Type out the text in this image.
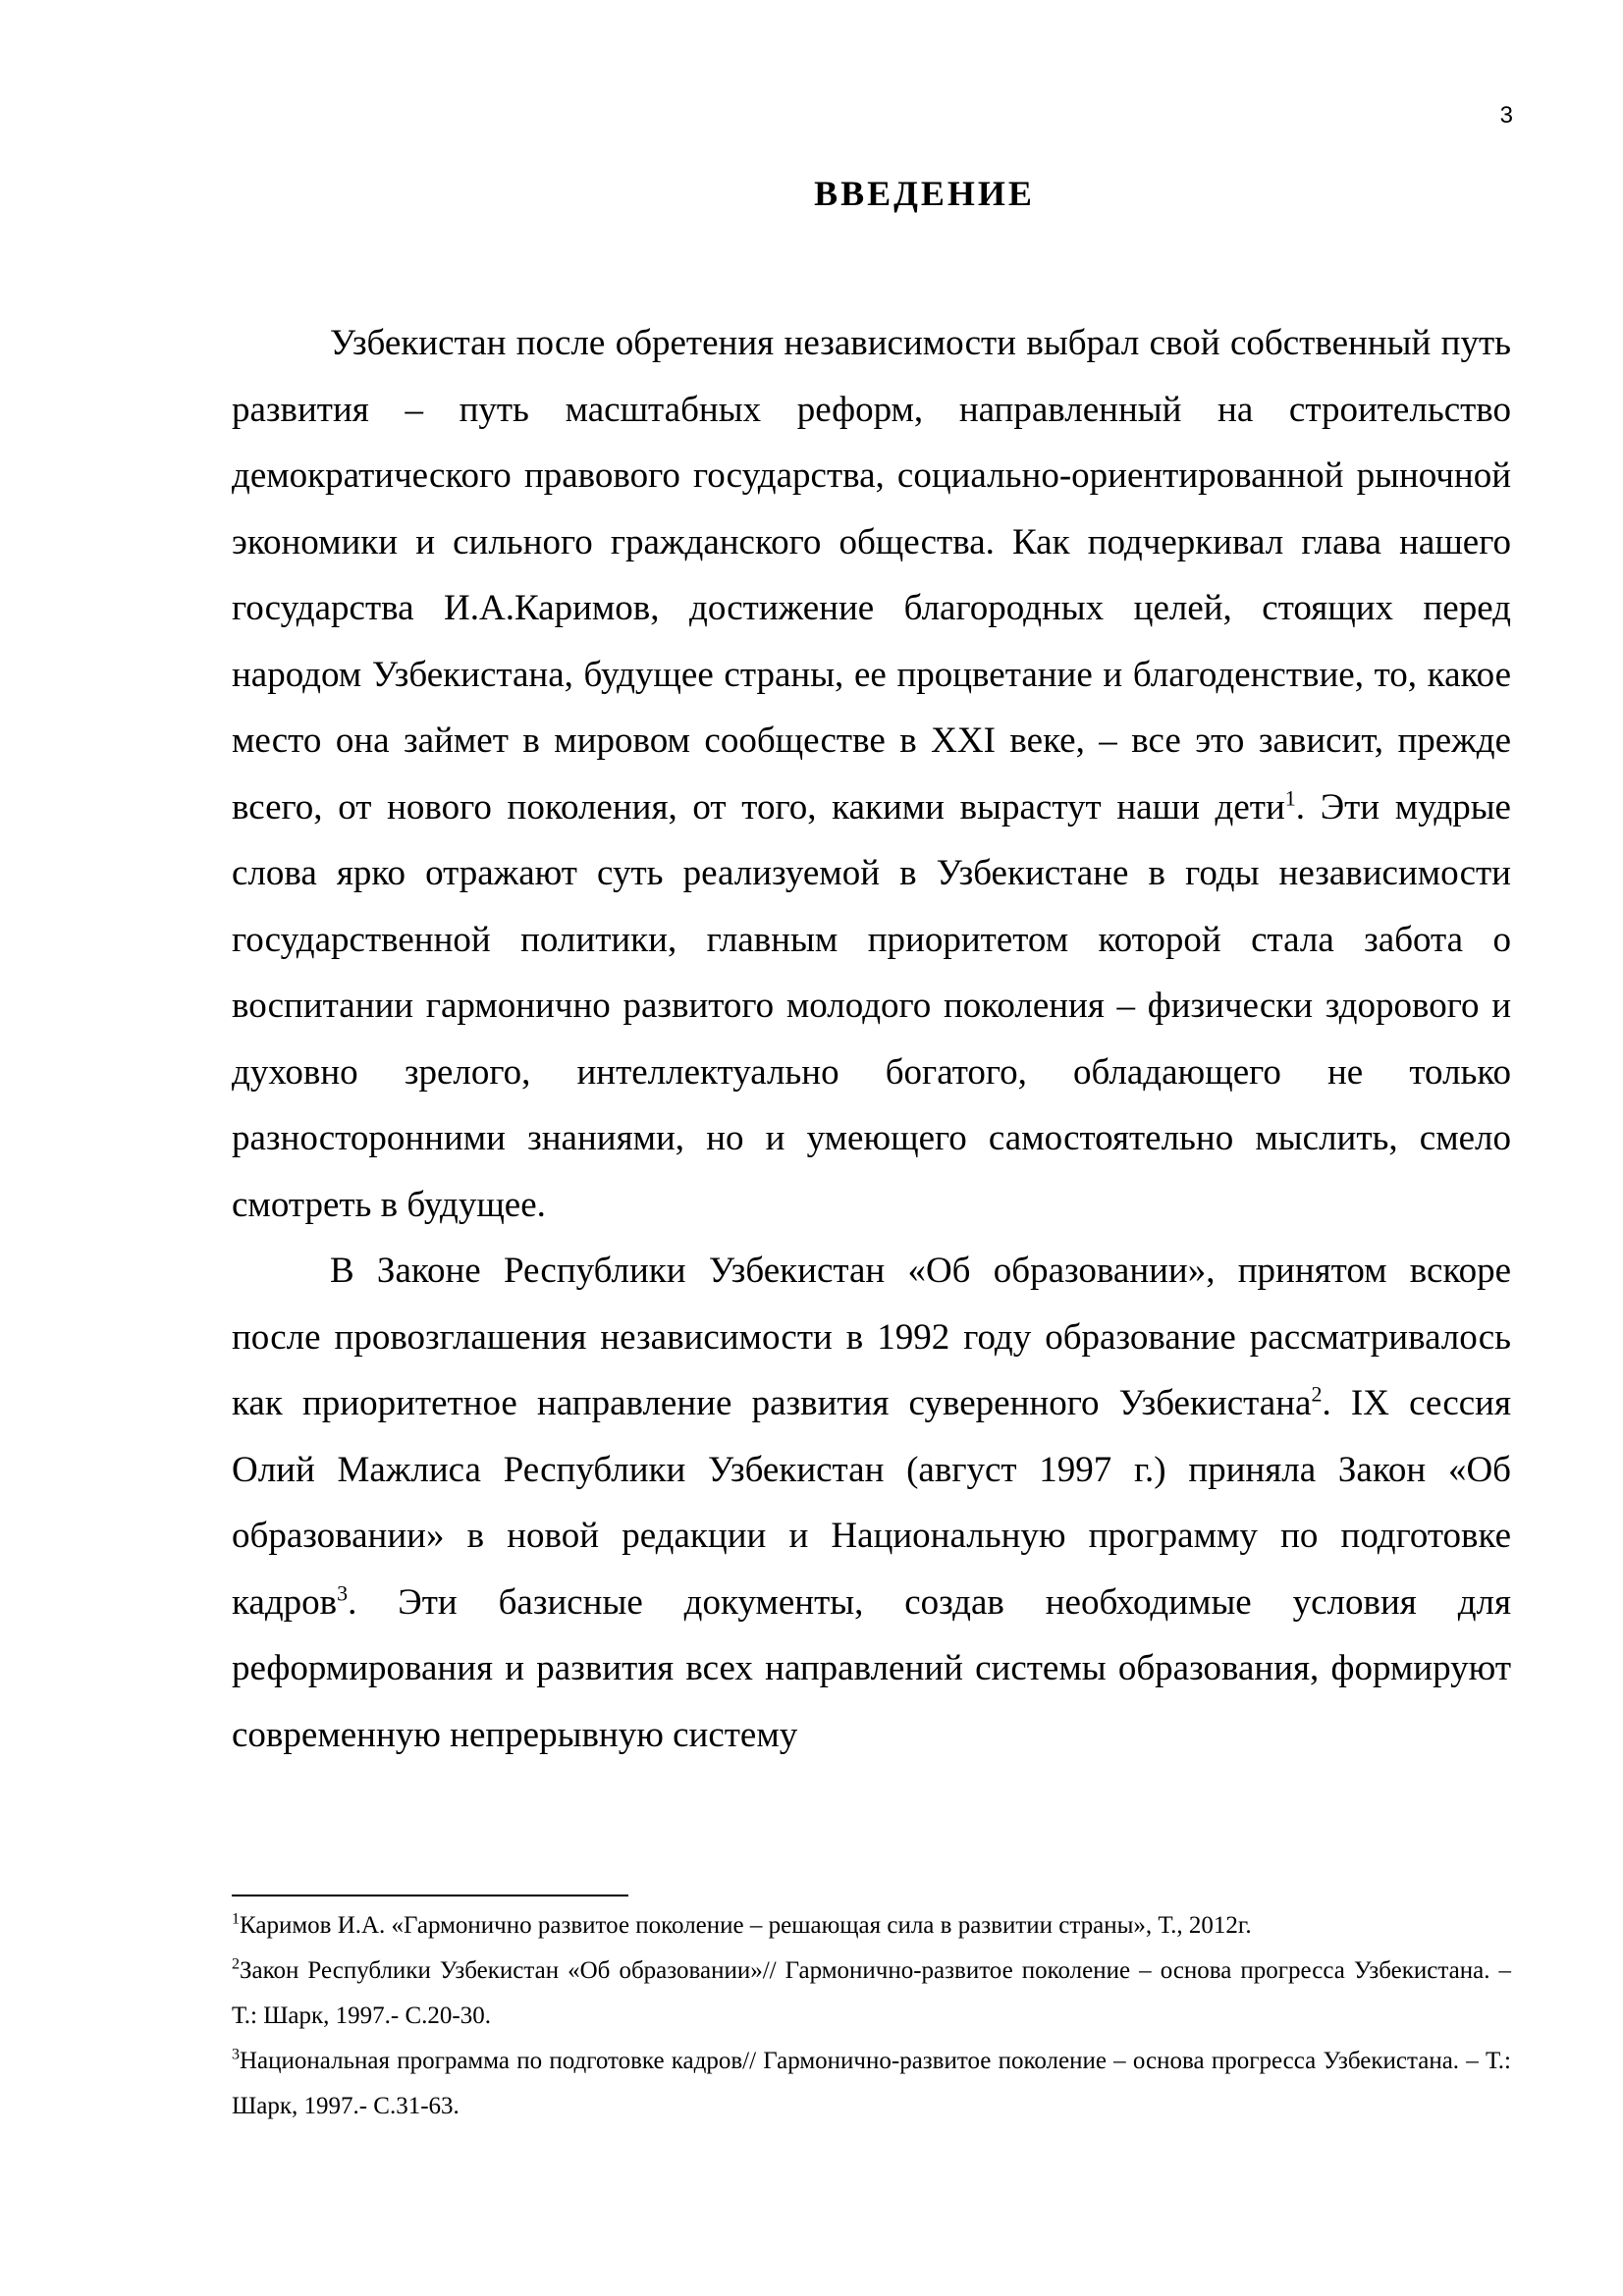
3
ВВЕДЕНИЕ

Узбекистан после обретения независимости выбрал свой собственный путь развития – путь масштабных реформ, направленный на строительство демократического правового государства, социально-ориентированной рыночной экономики и сильного гражданского общества. Как подчеркивал глава нашего государства И.А.Каримов, достижение благородных целей, стоящих перед народом Узбекистана, будущее страны, ее процветание и благоденствие, то, какое место она займет в мировом сообществе в XXI веке, – все это зависит, прежде всего, от нового поколения, от того, какими вырастут наши дети$^1$. Эти мудрые слова ярко отражают суть реализуемой в Узбекистане в годы независимости государственной политики, главным приоритетом которой стала забота о воспитании гармонично развитого молодого поколения – физически здорового и духовно зрелого, интеллектуально богатого, обладающего не только разносторонними знаниями, но и умеющего самостоятельно мыслить, смело смотреть в будущее.

В Законе Республики Узбекистан «Об образовании», принятом вскоре после провозглашения независимости в 1992 году образование рассматривалось как приоритетное направление развития суверенного Узбекистана$^2$. IX сессия Олий Мажлиса Республики Узбекистан (август 1997 г.) приняла Закон «Об образовании» в новой редакции и Национальную программу по подготовке кадров$^3$. Эти базисные документы, создав необходимые условия для реформирования и развития всех направлений системы образования, формируют современную непрерывную систему

$^1$Каримов И.А. «Гармонично развитое поколение – решающая сила в развитии страны», Т., 2012г.

$^2$Закон Республики Узбекистан «Об образовании»// Гармонично-развитое поколение – основа прогресса Узбекистана. – Т.: Шарк, 1997.- С.20-30.

$^3$Национальная программа по подготовке кадров// Гармонично-развитое поколение – основа прогресса Узбекистана. – Т.: Шарк, 1997.- С.31-63.
